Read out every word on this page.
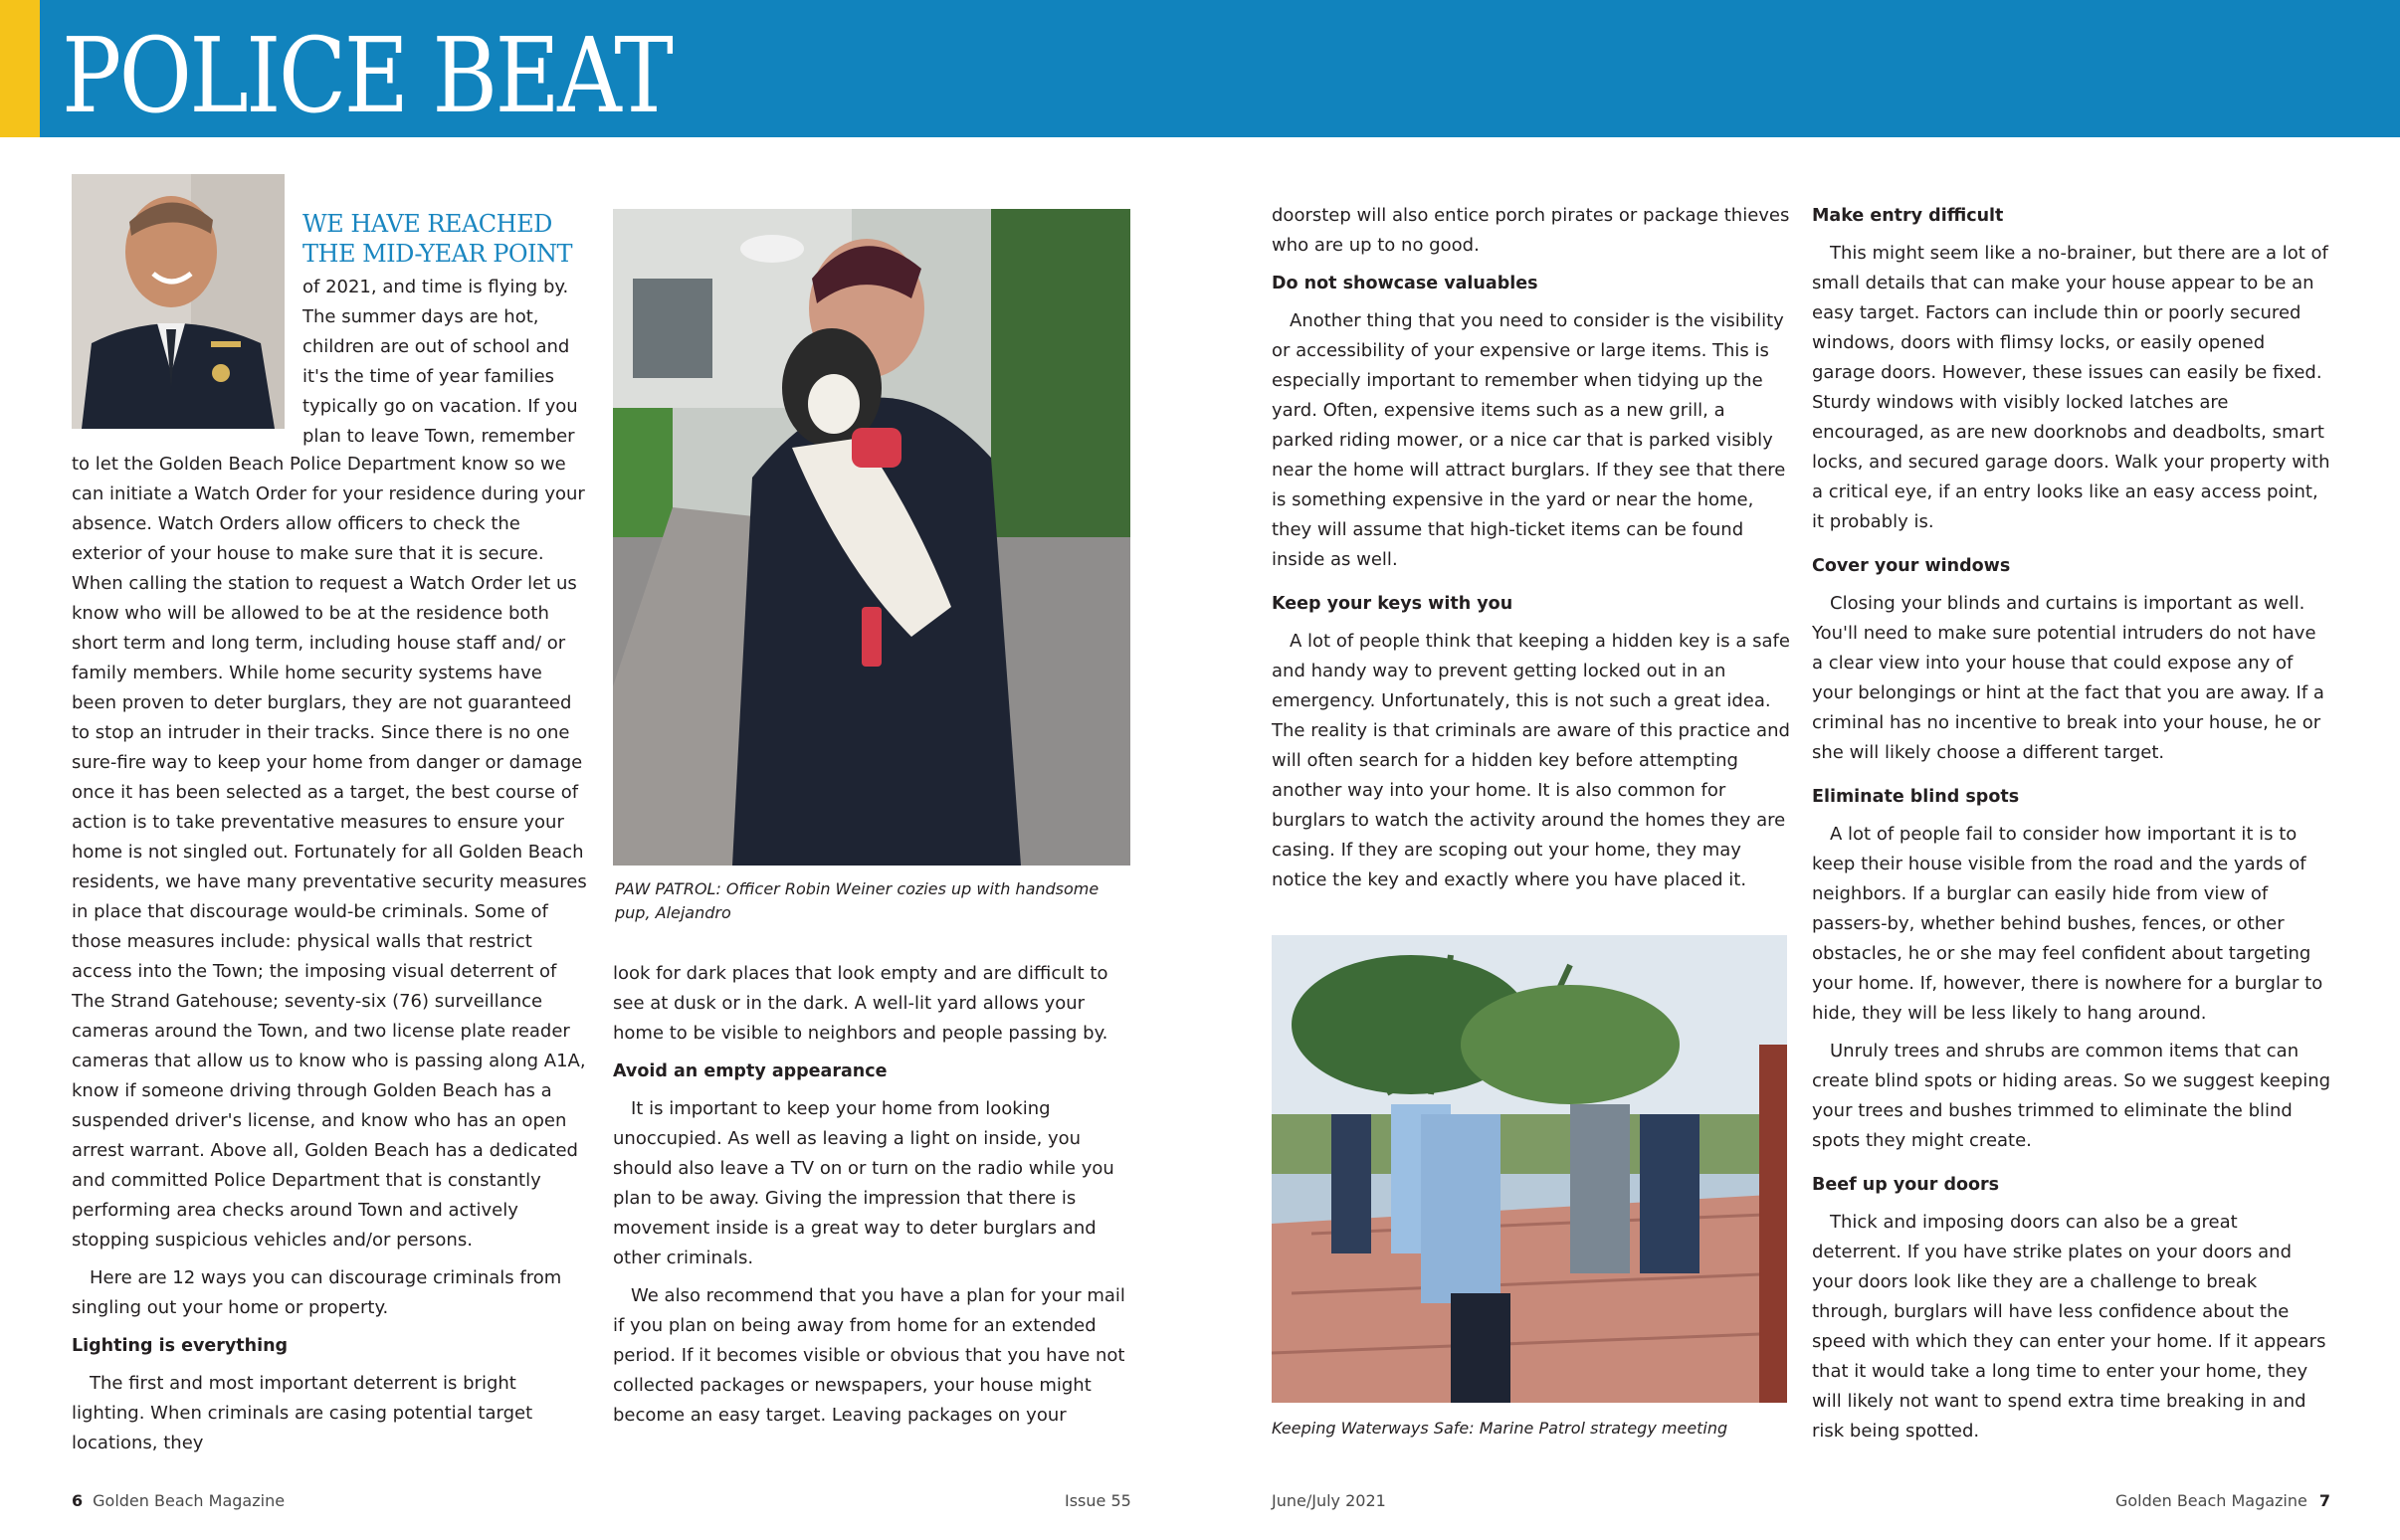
POLICE BEAT

WE HAVE REACHED THE MID-YEAR POINT

of 2021, and time is flying by.
The summer days are hot,
children are out of school and
it's the time of year families
typically go on vacation. If you
plan to leave Town, remember

to let the Golden Beach Police Department know so we can initiate a Watch Order for your residence during your absence. Watch Orders allow officers to check the exterior of your house to make sure that it is secure. When calling the station to request a Watch Order let us know who will be allowed to be at the residence both short term and long term, including house staff and/ or family members. While home security systems have been proven to deter burglars, they are not guaranteed to stop an intruder in their tracks. Since there is no one sure-fire way to keep your home from danger or damage once it has been selected as a target, the best course of action is to take preventative measures to ensure your home is not singled out. Fortunately for all Golden Beach residents, we have many preventative security measures in place that discourage would-be criminals. Some of those measures include: physical walls that restrict access into the Town; the imposing visual deterrent of The Strand Gatehouse; seventy-six (76) surveillance cameras around the Town, and two license plate reader cameras that allow us to know who is passing along A1A, know if someone driving through Golden Beach has a suspended driver's license, and know who has an open arrest warrant. Above all, Golden Beach has a dedicated and committed Police Department that is constantly performing area checks around Town and actively stopping suspicious vehicles and/or persons.

Here are 12 ways you can discourage criminals from singling out your home or property.

Lighting is everything

The first and most important deterrent is bright lighting. When criminals are casing potential target locations, they

PAW PATROL: Officer Robin Weiner cozies up with handsome pup, Alejandro

look for dark places that look empty and are difficult to see at dusk or in the dark. A well-lit yard allows your home to be visible to neighbors and people passing by.

Avoid an empty appearance

It is important to keep your home from looking unoccupied. As well as leaving a light on inside, you should also leave a TV on or turn on the radio while you plan to be away. Giving the impression that there is movement inside is a great way to deter burglars and other criminals.

We also recommend that you have a plan for your mail if you plan on being away from home for an extended period. If it becomes visible or obvious that you have not collected packages or newspapers, your house might become an easy target. Leaving packages on your

doorstep will also entice porch pirates or package thieves who are up to no good.

Do not showcase valuables

Another thing that you need to consider is the visibility or accessibility of your expensive or large items. This is especially important to remember when tidying up the yard. Often, expensive items such as a new grill, a parked riding mower, or a nice car that is parked visibly near the home will attract burglars. If they see that there is something expensive in the yard or near the home, they will assume that high-ticket items can be found inside as well.

Keep your keys with you

A lot of people think that keeping a hidden key is a safe and handy way to prevent getting locked out in an emergency. Unfortunately, this is not such a great idea. The reality is that criminals are aware of this practice and will often search for a hidden key before attempting another way into your home. It is also common for burglars to watch the activity around the homes they are casing. If they are scoping out your home, they may notice the key and exactly where you have placed it.

Keeping Waterways Safe: Marine Patrol strategy meeting

Make entry difficult

This might seem like a no-brainer, but there are a lot of small details that can make your house appear to be an easy target. Factors can include thin or poorly secured windows, doors with flimsy locks, or easily opened garage doors. However, these issues can easily be fixed. Sturdy windows with visibly locked latches are encouraged, as are new doorknobs and deadbolts, smart locks, and secured garage doors. Walk your property with a critical eye, if an entry looks like an easy access point, it probably is.

Cover your windows

Closing your blinds and curtains is important as well. You'll need to make sure potential intruders do not have a clear view into your house that could expose any of your belongings or hint at the fact that you are away. If a criminal has no incentive to break into your house, he or she will likely choose a different target.

Eliminate blind spots

A lot of people fail to consider how important it is to keep their house visible from the road and the yards of neighbors. If a burglar can easily hide from view of passers-by, whether behind bushes, fences, or other obstacles, he or she may feel confident about targeting your home. If, however, there is nowhere for a burglar to hide, they will be less likely to hang around.

Unruly trees and shrubs are common items that can create blind spots or hiding areas. So we suggest keeping your trees and bushes trimmed to eliminate the blind spots they might create.

Beef up your doors

Thick and imposing doors can also be a great deterrent. If you have strike plates on your doors and your doors look like they are a challenge to break through, burglars will have less confidence about the speed with which they can enter your home. If it appears that it would take a long time to enter your home, they will likely not want to spend extra time breaking in and risk being spotted.

6 Golden Beach Magazine	Issue 55	June/July 2021	Golden Beach Magazine 7
